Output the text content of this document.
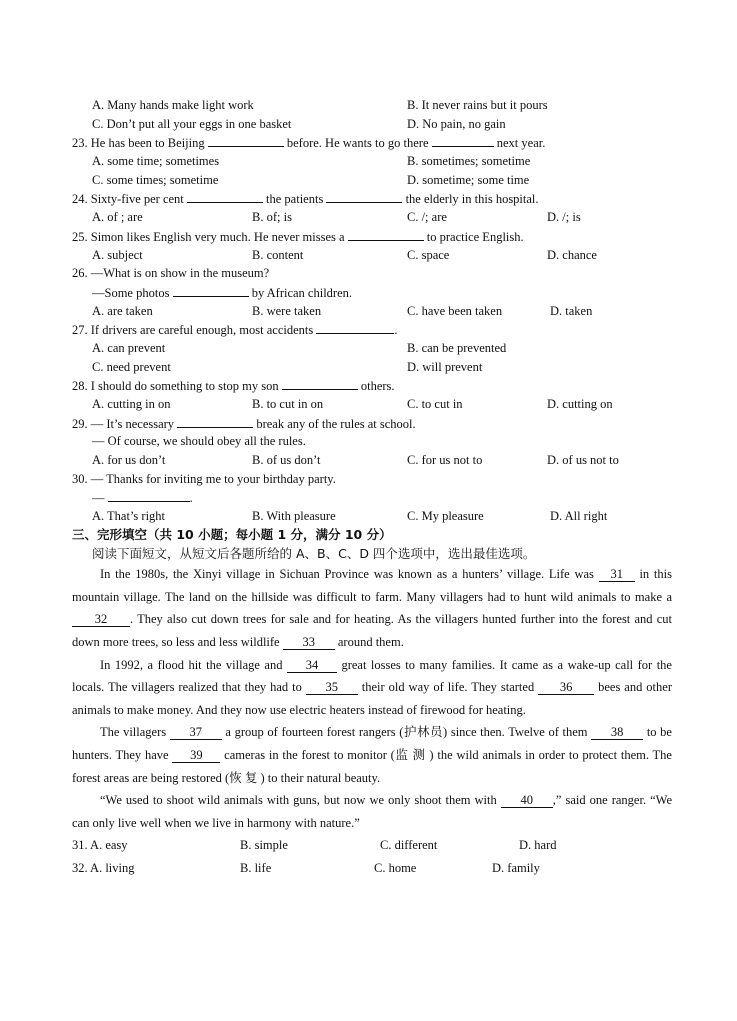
A. Many hands make light work	B. It never rains but it pours
C. Don’t put all your eggs in one basket	D. No pain, no gain
23. He has been to Beijing	before. He wants to go there	next year.
A. some time; sometimes	B. sometimes; sometime
C. some times; sometime	D. sometime; some time
24. Sixty-five per cent	the patients	the elderly in this hospital.
A. of ; are	B. of; is	C. /; are	D. /; is
25. Simon likes English very much. He never misses a	to practice English.
A. subject	B. content	C. space	D. chance
26. —What is on show in the museum?
—Some photos	by African children.
A. are taken	B. were taken	C. have been taken	D. taken
27. If drivers are careful enough, most accidents	.
A. can prevent	B. can be prevented
C. need prevent	D. will prevent
28. I should do something to stop my son	others.
A. cutting in on	B. to cut in on	C. to cut in	D. cutting on
29. — It’s necessary	break any of the rules at school.
— Of course, we should obey all the rules.
A. for us don’t	B. of us don’t	C. for us not to	D. of us not to
30. — Thanks for inviting me to your birthday party.
—	.
A. That’s right	B. With pleasure	C. My pleasure	D. All right
三、完形填空（共 10 小题；每小题 1 分，满分 10 分）
阅读下面短文，从短文后各题所给的 A、B、C、D 四个选项中，选出最佳选项。
In the 1980s, the Xinyi village in Sichuan Province was known as a hunters’ village. Life was 31 in this mountain village. The land on the hillside was difficult to farm. Many villagers had to hunt wild animals to make a 32 . They also cut down trees for sale and for heating. As the villagers hunted further into the forest and cut down more trees, so less and less wildlife 33 around them.
In 1992, a flood hit the village and 34 great losses to many families. It came as a wake-up call for the locals. The villagers realized that they had to 35 their old way of life. They started 36 bees and other animals to make money. And they now use electric heaters instead of firewood for heating.
The villagers 37 a group of fourteen forest rangers (护林员) since then. Twelve of them 38 to be hunters. They have 39 cameras in the forest to monitor (监 测 ) the wild animals in order to protect them. The forest areas are being restored (恢 复 ) to their natural beauty.
“We used to shoot wild animals with guns, but now we only shoot them with 40 ,” said one ranger. “We can only live well when we live in harmony with nature.”
31. A. easy	B. simple	C. different	D. hard
32. A. living	B. life	C. home	D. family
